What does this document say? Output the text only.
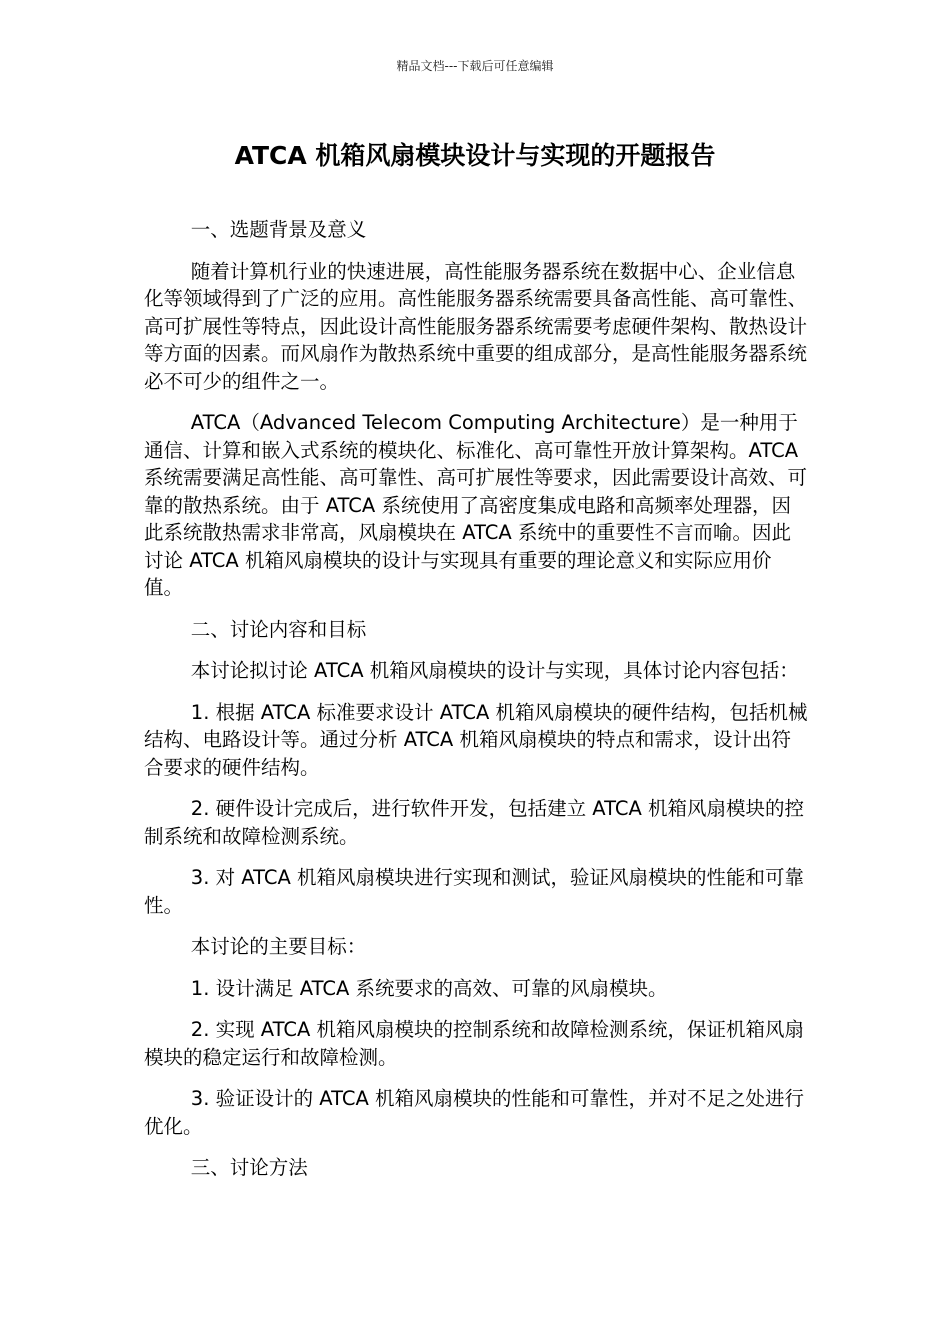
精品文档---下载后可任意编辑
ATCA 机箱风扇模块设计与实现的开题报告

一、选题背景及意义

随着计算机行业的快速进展，高性能服务器系统在数据中心、企业信息化等领域得到了广泛的应用。高性能服务器系统需要具备高性能、高可靠性、高可扩展性等特点，因此设计高性能服务器系统需要考虑硬件架构、散热设计等方面的因素。而风扇作为散热系统中重要的组成部分，是高性能服务器系统必不可少的组件之一。

ATCA（Advanced Telecom Computing Architecture）是一种用于通信、计算和嵌入式系统的模块化、标准化、高可靠性开放计算架构。ATCA 系统需要满足高性能、高可靠性、高可扩展性等要求，因此需要设计高效、可靠的散热系统。由于 ATCA 系统使用了高密度集成电路和高频率处理器，因此系统散热需求非常高，风扇模块在 ATCA 系统中的重要性不言而喻。因此讨论 ATCA 机箱风扇模块的设计与实现具有重要的理论意义和实际应用价值。

二、讨论内容和目标

本讨论拟讨论 ATCA 机箱风扇模块的设计与实现，具体讨论内容包括：

1. 根据 ATCA 标准要求设计 ATCA 机箱风扇模块的硬件结构，包括机械结构、电路设计等。通过分析 ATCA 机箱风扇模块的特点和需求，设计出符合要求的硬件结构。

2. 硬件设计完成后，进行软件开发，包括建立 ATCA 机箱风扇模块的控制系统和故障检测系统。

3. 对 ATCA 机箱风扇模块进行实现和测试，验证风扇模块的性能和可靠性。

本讨论的主要目标：

1. 设计满足 ATCA 系统要求的高效、可靠的风扇模块。

2. 实现 ATCA 机箱风扇模块的控制系统和故障检测系统，保证机箱风扇模块的稳定运行和故障检测。

3. 验证设计的 ATCA 机箱风扇模块的性能和可靠性，并对不足之处进行优化。

三、讨论方法
